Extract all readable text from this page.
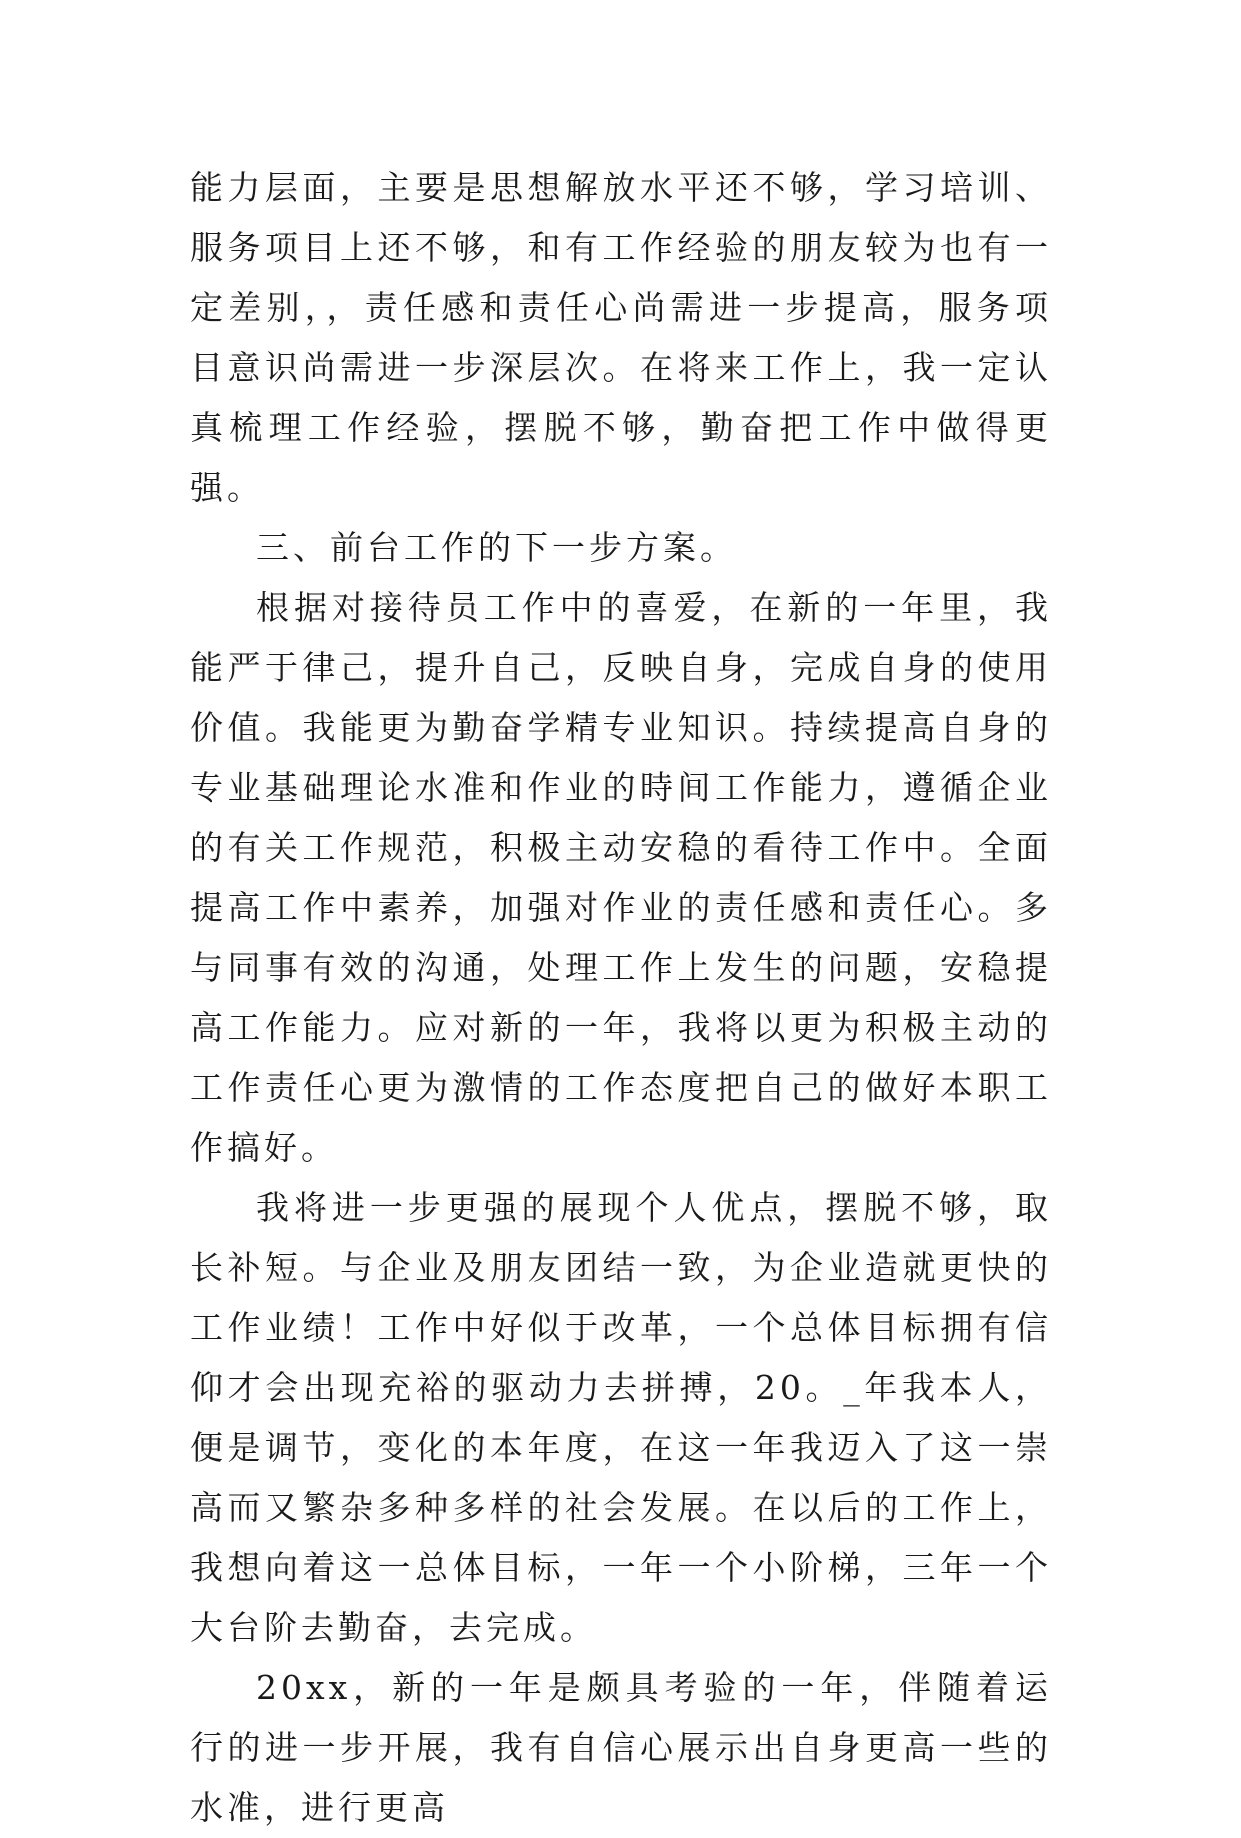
能力层面，主要是思想解放水平还不够，学习培训、服务项目上还不够，和有工作经验的朋友较为也有一定差别，，责任感和责任心尚需进一步提高，服务项目意识尚需进一步深层次。在将来工作上，我一定认真梳理工作经验，摆脱不够，勤奋把工作中做得更强。

三、前台工作的下一步方案。

根据对接待员工作中的喜爱，在新的一年里，我能严于律己，提升自己，反映自身，完成自身的使用价值。我能更为勤奋学精专业知识。持续提高自身的专业基础理论水准和作业的時间工作能力，遵循企业的有关工作规范，积极主动安稳的看待工作中。全面提高工作中素养，加强对作业的责任感和责任心。多与同事有效的沟通，处理工作上发生的问题，安稳提高工作能力。应对新的一年，我将以更为积极主动的工作责任心更为激情的工作态度把自己的做好本职工作搞好。

我将进一步更强的展现个人优点，摆脱不够，取长补短。与企业及朋友团结一致，为企业造就更快的工作业绩！工作中好似于改革，一个总体目标拥有信仰才会出现充裕的驱动力去拼搏，20。_年我本人，便是调节，变化的本年度，在这一年我迈入了这一崇高而又繁杂多种多样的社会发展。在以后的工作上，我想向着这一总体目标，一年一个小阶梯，三年一个大台阶去勤奋，去完成。

20xx，新的一年是颇具考验的一年，伴随着运行的进一步开展，我有自信心展示出自身更高一些的水准，进行更高
